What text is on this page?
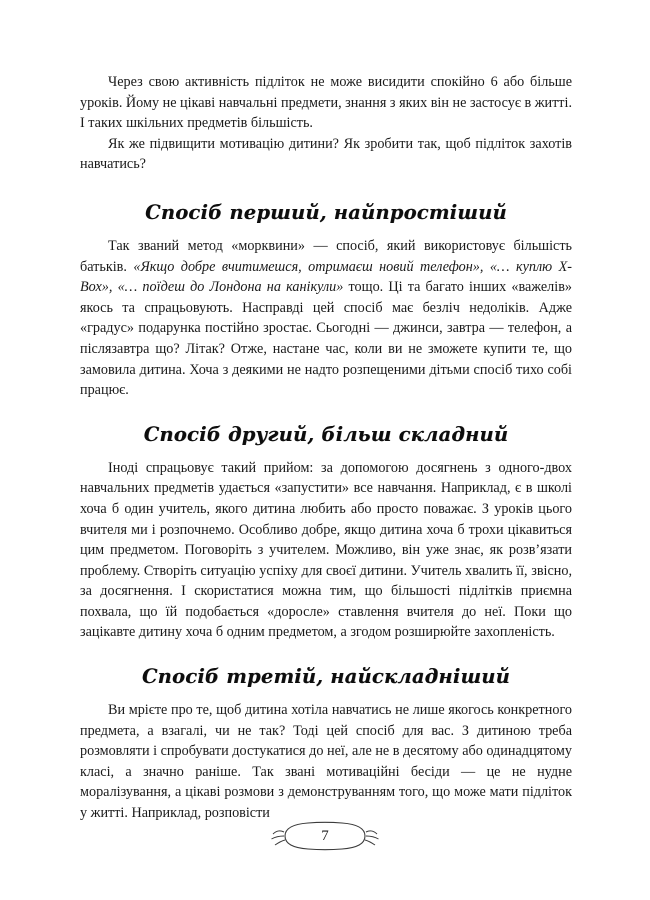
Через свою активність підліток не може висидити спокійно 6 або більше уроків. Йому не цікаві навчальні предмети, знання з яких він не застосує в житті. І таких шкільних предметів більшість.

Як же підвищити мотивацію дитини? Як зробити так, щоб підліток захотів навчатись?

Спосіб перший, найпростіший

Так званий метод «морквини» — спосіб, який використовує більшість батьків. «Якщо добре вчитимешся, отримаєш новий телефон», «… куплю Х-Вох», «… поїдеш до Лондона на канікули» тощо. Ці та багато інших «важелів» якось та спрацьовують. Насправді цей спосіб має безліч недоліків. Адже «градус» подарунка постійно зростає. Сьогодні — джинси, завтра — телефон, а післязавтра що? Літак? Отже, настане час, коли ви не зможете купити те, що замовила дитина. Хоча з деякими не надто розпещеними дітьми спосіб тихо собі працює.

Спосіб другий, більш складний

Іноді спрацьовує такий прийом: за допомогою досягнень з одного-двох навчальних предметів удається «запустити» все навчання. Наприклад, є в школі хоча б один учитель, якого дитина любить або просто поважає. З уроків цього вчителя ми і розпочнемо. Особливо добре, якщо дитина хоча б трохи цікавиться цим предметом. Поговоріть з учителем. Можливо, він уже знає, як розв’язати проблему. Створіть ситуацію успіху для своєї дитини. Учитель хвалить її, звісно, за досягнення. І скористатися можна тим, що більшості підлітків приємна похвала, що їй подобається «доросле» ставлення вчителя до неї. Поки що зацікавте дитину хоча б одним предметом, а згодом розширюйте захопленість.

Спосіб третій, найскладніший

Ви мрієте про те, щоб дитина хотіла навчатись не лише якогось конкретного предмета, а взагалі, чи не так? Тоді цей спосіб для вас. З дитиною треба розмовляти і спробувати достукатися до неї, але не в десятому або одинадцятому класі, а значно раніше. Так звані мотиваційні бесіди — це не нудне моралізування, а цікаві розмови з демонструванням того, що може мати підліток у житті. Наприклад, розповісти

7
